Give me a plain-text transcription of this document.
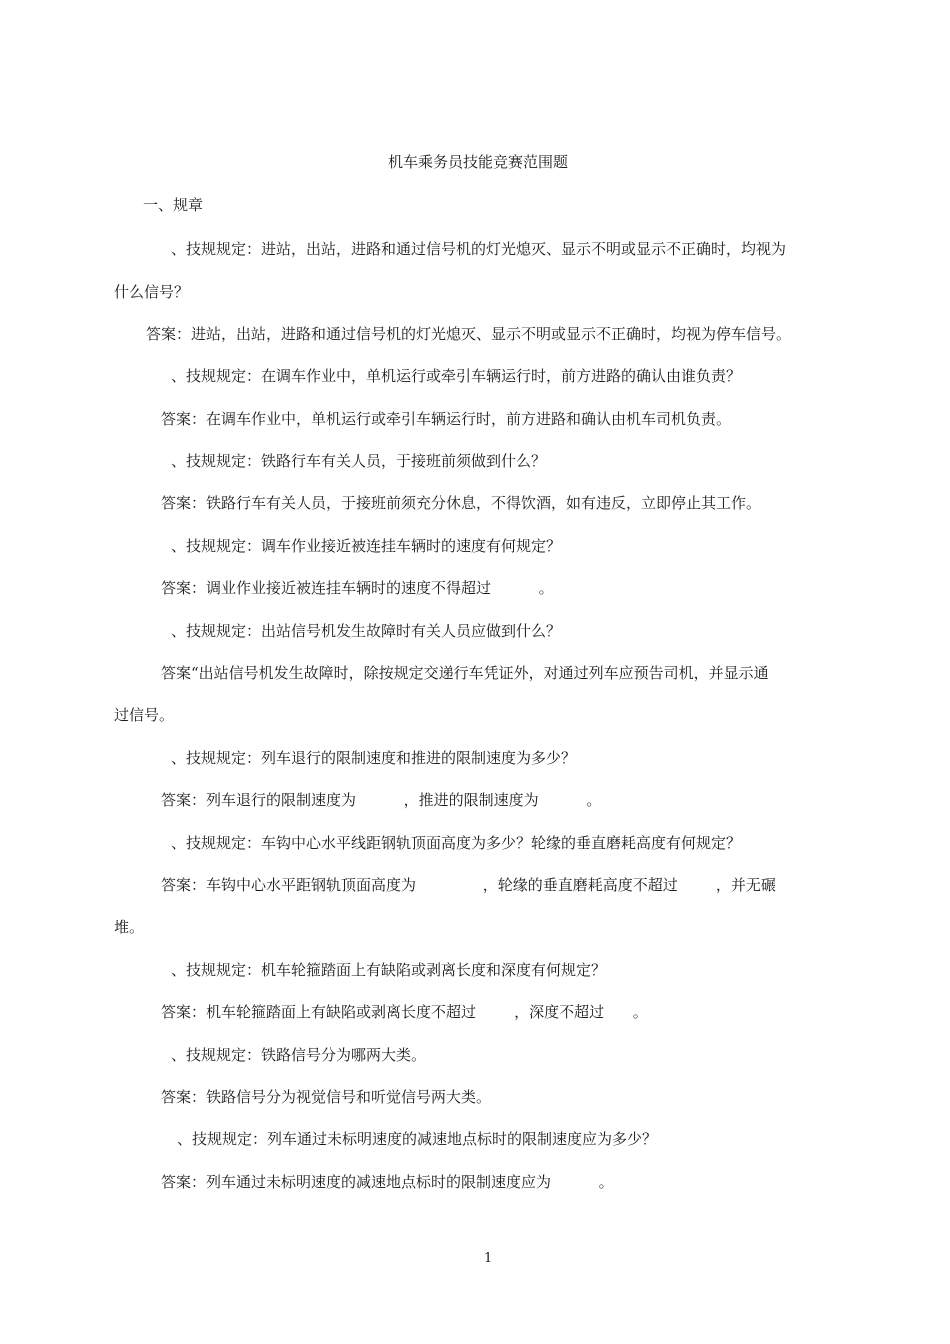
机车乘务员技能竞赛范围题
一、规章
、技规规定：进站，出站，进路和通过信号机的灯光熄灭、显示不明或显示不正确时，均视为
什么信号？
答案：进站，出站，进路和通过信号机的灯光熄灭、显示不明或显示不正确时，均视为停车信号。
、技规规定：在调车作业中，单机运行或牵引车辆运行时，前方进路的确认由谁负责？
答案：在调车作业中，单机运行或牵引车辆运行时，前方进路和确认由机车司机负责。
、技规规定：铁路行车有关人员，于接班前须做到什么？
答案：铁路行车有关人员，于接班前须充分休息，不得饮酒，如有违反，立即停止其工作。
、技规规定：调车作业接近被连挂车辆时的速度有何规定？
答案：调业作业接近被连挂车辆时的速度不得超过          。
、技规规定：出站信号机发生故障时有关人员应做到什么？
答案“出站信号机发生故障时，除按规定交递行车凭证外，对通过列车应预告司机，并显示通
过信号。
、技规规定：列车退行的限制速度和推进的限制速度为多少？
答案：列车退行的限制速度为          ，推进的限制速度为          。
、技规规定：车钩中心水平线距钢轨顶面高度为多少？轮缘的垂直磨耗高度有何规定？
答案：车钩中心水平距钢轨顶面高度为              ，轮缘的垂直磨耗高度不超过        ，并无碾
堆。
、技规规定：机车轮箍踏面上有缺陷或剥离长度和深度有何规定？
答案：机车轮箍踏面上有缺陷或剥离长度不超过        ，深度不超过      。
、技规规定：铁路信号分为哪两大类。
答案：铁路信号分为视觉信号和听觉信号两大类。
、技规规定：列车通过未标明速度的减速地点标时的限制速度应为多少？
答案：列车通过未标明速度的减速地点标时的限制速度应为          。
1
